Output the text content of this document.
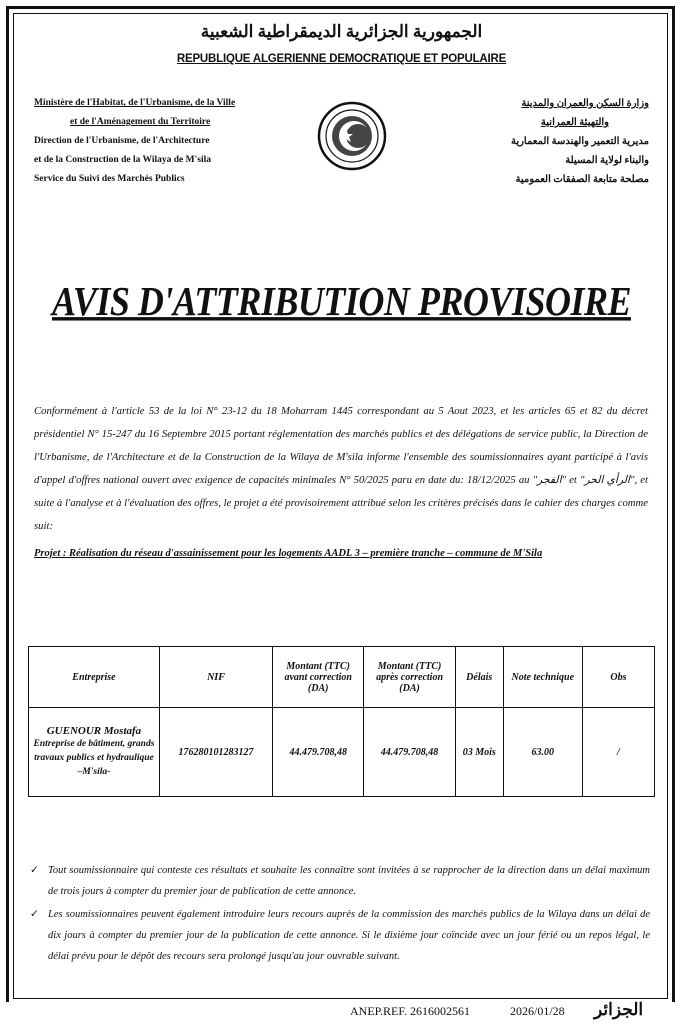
الجمهورية الجزائرية الديمقراطية الشعبية
REPUBLIQUE ALGERIENNE DEMOCRATIQUE ET POPULAIRE
Ministère de l'Habitat, de l'Urbanisme, de la Ville
et de l'Aménagement du Territoire
Direction de l'Urbanisme, de l'Architecture
et de la Construction de la Wilaya de M'sila
Service du Suivi des Marchés Publics
وزارة السكن والعمران والمدينة
والتهيئة العمرانية
مديرية التعمير والهندسة المعمارية
والبناء لولاية المسيلة
مصلحة متابعة الصفقات العمومية
AVIS D'ATTRIBUTION PROVISOIRE
Conformément à l'article 53 de la loi N° 23-12 du 18 Moharram 1445 correspondant au 5 Aout 2023, et les articles 65 et 82 du décret présidentiel N° 15-247 du 16 Septembre 2015 portant réglementation des marchés publics et des délégations de service public, la Direction de l'Urbanisme, de l'Architecture et de la Construction de la Wilaya de M'sila informe l'ensemble des soumissionnaires ayant participé à l'avis d'appel d'offres national ouvert avec exigence de capacités minimales N° 50/2025 paru en date du: 18/12/2025 au "الفجر" et "الرأي الحر", et suite à l'analyse et à l'évaluation des offres, le projet a été provisoirement attribué selon les critères précisés dans le cahier des charges comme suit:
Projet : Réalisation du réseau d'assainissement pour les logements AADL 3 – première tranche – commune de M'Sila
Entreprise	NIF	Montant (TTC) avant correction (DA)	Montant (TTC) après correction (DA)	Délais	Note technique	Obs

GUENOUR Mostafa
Entreprise de bâtiment, grands travaux publics et hydraulique –M'sila-	176280101283127	44.479.708,48	44.479.708,48	03 Mois	63.00	/
✓ Tout soumissionnaire qui conteste ces résultats et souhaite les connaître sont invitées à se rapprocher de la direction dans un délai maximum de trois jours à compter du premier jour de publication de cette annonce.
✓ Les soumissionnaires peuvent également introduire leurs recours auprès de la commission des marchés publics de la Wilaya dans un délai de dix jours à compter du premier jour de la publication de cette annonce. Si le dixième jour coïncide avec un jour férié ou un repos légal, le délai prévu pour le dépôt des recours sera prolongé jusqu'au jour ouvrable suivant.
ANEP.REF. 2616002561	2026/01/28 الجزائر
